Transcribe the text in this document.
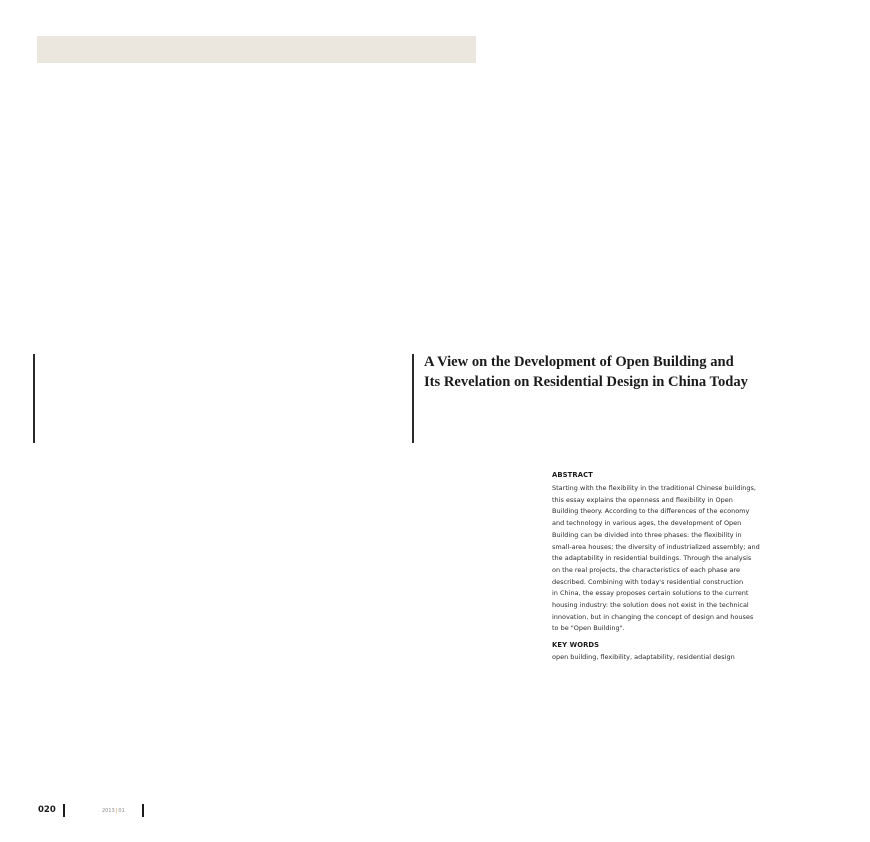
A View on the Development of Open Building and
Its Revelation on Residential Design in China Today
ABSTRACT
Starting with the flexibility in the traditional Chinese buildings,
this essay explains the openness and flexibility in Open
Building theory. According to the differences of the economy
and technology in various ages, the development of Open
Building can be divided into three phases: the flexibility in
small-area houses; the diversity of industrialized assembly; and
the adaptability in residential buildings. Through the analysis
on the real projects, the characteristics of each phase are
described. Combining with today's residential construction
in China, the essay proposes certain solutions to the current
housing industry: the solution does not exist in the technical
innovation, but in changing the concept of design and houses
to be "Open Building".
KEY WORDS
open building, flexibility, adaptability, residential design
020	2013|01
